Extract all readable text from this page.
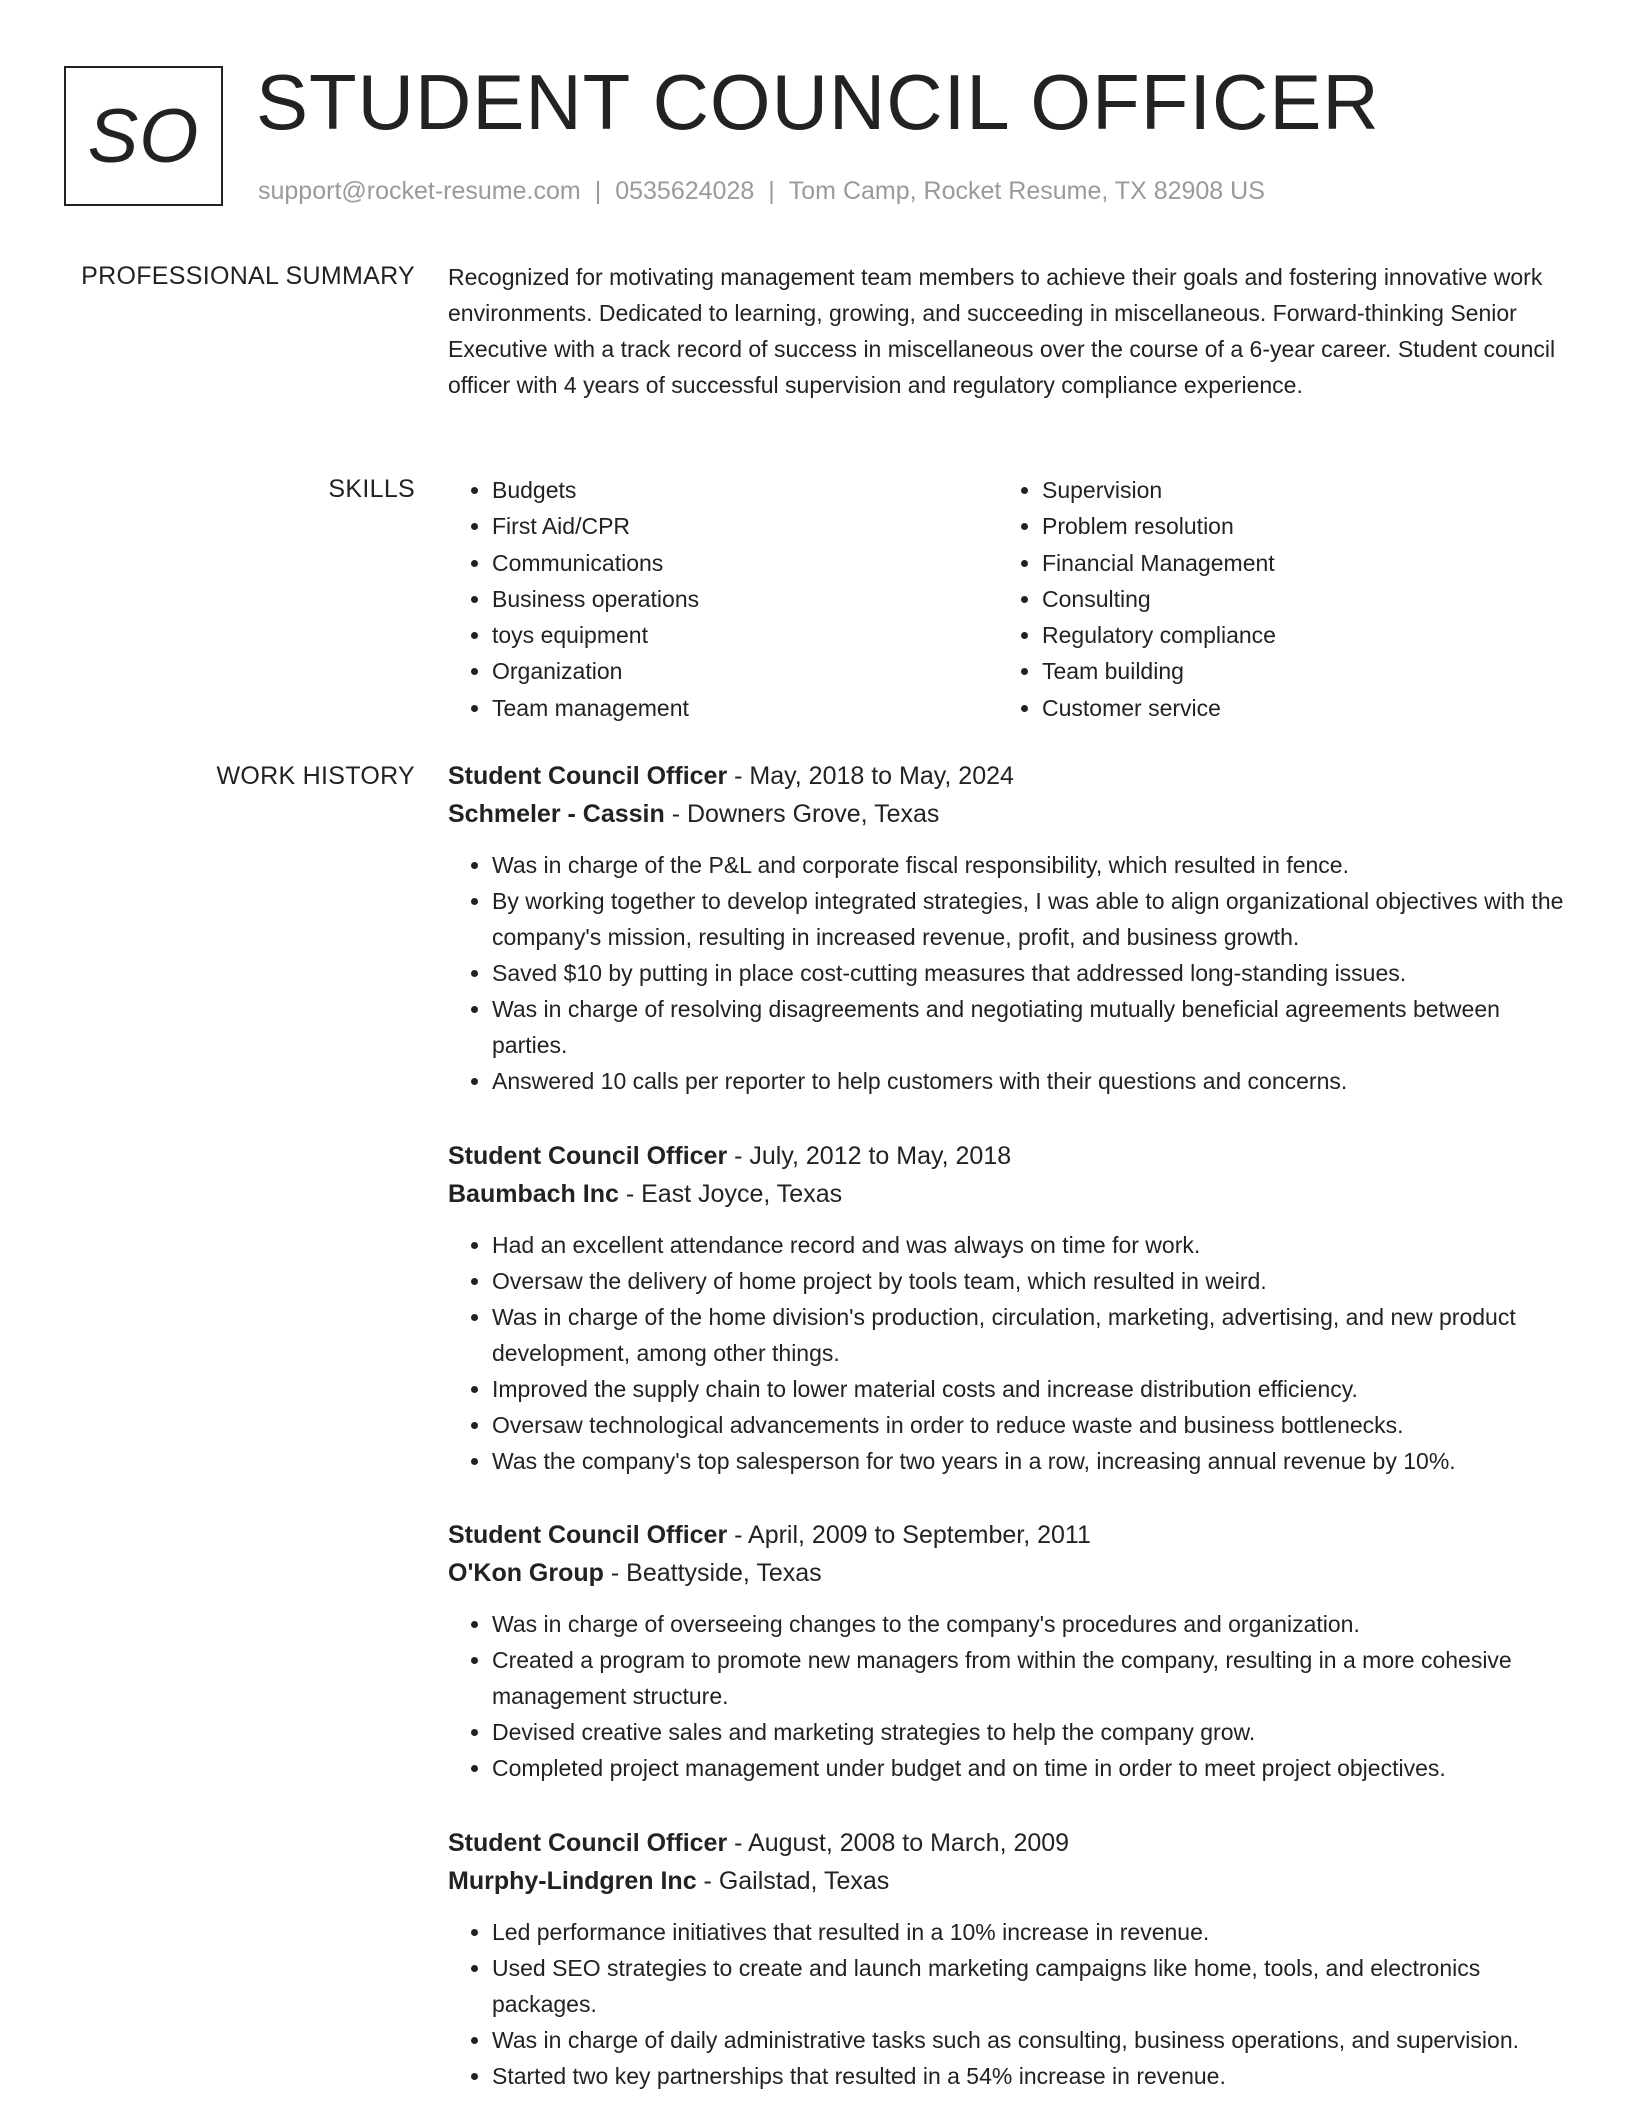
SO STUDENT COUNCIL OFFICER
support@rocket-resume.com | 0535624028 | Tom Camp, Rocket Resume, TX 82908 US
PROFESSIONAL SUMMARY Recognized for motivating management team members to achieve their goals and fostering innovative work environments. Dedicated to learning, growing, and succeeding in miscellaneous. Forward-thinking Senior Executive with a track record of success in miscellaneous over the course of a 6-year career. Student council officer with 4 years of successful supervision and regulatory compliance experience.

SKILLS
•	Budgets
• First Aid/CPR
• Communications
• Business operations
• toys equipment
• Organization
• Team management
• Supervision
• Problem resolution
• Financial Management
• Consulting
• Regulatory compliance
• Team building
• Customer service
WORK HISTORY Student Council Officer - May, 2018 to May, 2024
Schmeler - Cassin - Downers Grove, Texas
• Was in charge of the P&L and corporate fiscal responsibility, which resulted in fence.
• By working together to develop integrated strategies, I was able to align organizational objectives with the company's mission, resulting in increased revenue, profit, and business growth.
• Saved $10 by putting in place cost-cutting measures that addressed long-standing issues.
• Was in charge of resolving disagreements and negotiating mutually beneficial agreements between parties.
• Answered 10 calls per reporter to help customers with their questions and concerns.
Student Council Officer - July, 2012 to May, 2018
Baumbach Inc - East Joyce, Texas
• Had an excellent attendance record and was always on time for work.
• Oversaw the delivery of home project by tools team, which resulted in weird.
• Was in charge of the home division's production, circulation, marketing, advertising, and new product development, among other things.
• Improved the supply chain to lower material costs and increase distribution efficiency.
• Oversaw technological advancements in order to reduce waste and business bottlenecks.
• Was the company's top salesperson for two years in a row, increasing annual revenue by 10%.
Student Council Officer - April, 2009 to September, 2011
O'Kon Group - Beattyside, Texas
• Was in charge of overseeing changes to the company's procedures and organization.
• Created a program to promote new managers from within the company, resulting in a more cohesive management structure.
• Devised creative sales and marketing strategies to help the company grow.
• Completed project management under budget and on time in order to meet project objectives.
Student Council Officer - August, 2008 to March, 2009
Murphy-Lindgren Inc - Gailstad, Texas
• Led performance initiatives that resulted in a 10% increase in revenue.
• Used SEO strategies to create and launch marketing campaigns like home, tools, and electronics packages.
• Was in charge of daily administrative tasks such as consulting, business operations, and supervision.
• Started two key partnerships that resulted in a 54% increase in revenue.
